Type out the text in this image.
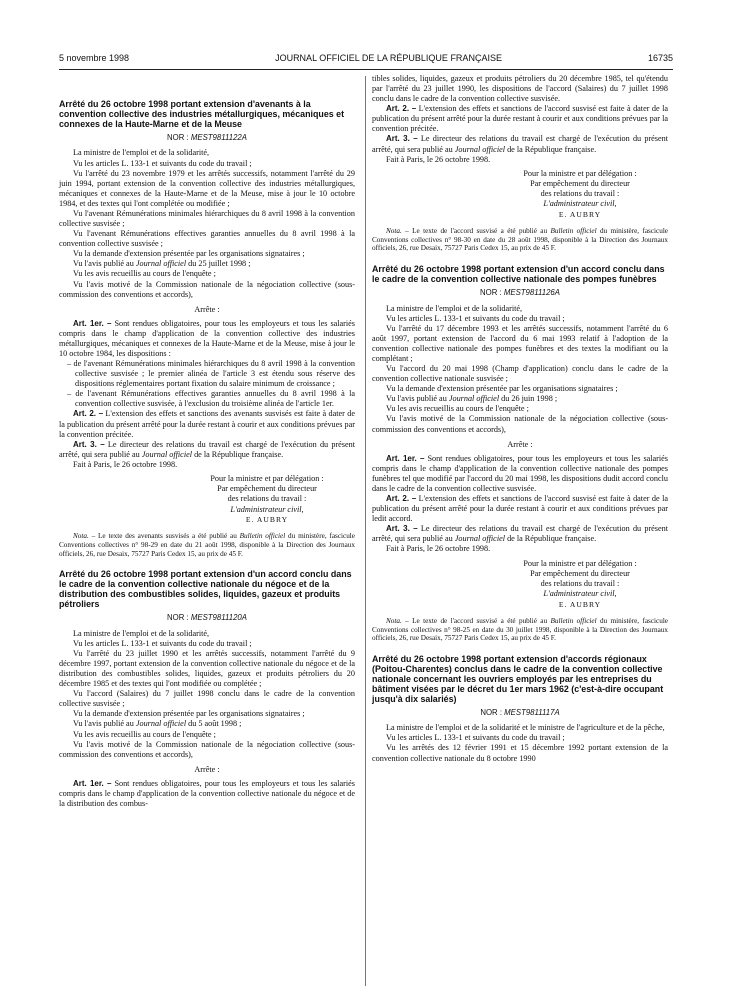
5 novembre 1998	JOURNAL OFFICIEL DE LA RÉPUBLIQUE FRANÇAISE	16735

Arrêté du 26 octobre 1998 portant extension d'avenants à la convention collective des industries métallurgiques, mécaniques et connexes de la Haute-Marne et de la Meuse

NOR : MEST9811122A

La ministre de l'emploi et de la solidarité,

Vu les articles L. 133-1 et suivants du code du travail ;

Vu l'arrêté du 23 novembre 1979 et les arrêtés successifs, notamment l'arrêté du 29 juin 1994, portant extension de la convention collective des industries métallurgiques, mécaniques et connexes de la Haute-Marne et de la Meuse, mise à jour le 10 octobre 1984, et des textes qui l'ont complétée ou modifiée ;

Vu l'avenant Rémunérations minimales hiérarchiques du 8 avril 1998 à la convention collective susvisée ;

Vu l'avenant Rémunérations effectives garanties annuelles du 8 avril 1998 à la convention collective susvisée ;

Vu la demande d'extension présentée par les organisations signataires ;

Vu l'avis publié au Journal officiel du 25 juillet 1998 ;

Vu les avis recueillis au cours de l'enquête ;

Vu l'avis motivé de la Commission nationale de la négociation collective (sous-commission des conventions et accords),

Arrête :

Art. 1er. – Sont rendues obligatoires, pour tous les employeurs et tous les salariés compris dans le champ d'application de la convention collective des industries métallurgiques, mécaniques et connexes de la Haute-Marne et de la Meuse, mise à jour le 10 octobre 1984, les dispositions :

– de l'avenant Rémunérations minimales hiérarchiques du 8 avril 1998 à la convention collective susvisée ; le premier alinéa de l'article 3 est étendu sous réserve des dispositions réglementaires portant fixation du salaire minimum de croissance ;

– de l'avenant Rémunérations effectives garanties annuelles du 8 avril 1998 à la convention collective susvisée, à l'exclusion du troisième alinéa de l'article 1er.

Art. 2. – L'extension des effets et sanctions des avenants susvisés est faite à dater de la publication du présent arrêté pour la durée restant à courir et aux conditions prévues par la convention précitée.

Art. 3. – Le directeur des relations du travail est chargé de l'exécution du présent arrêté, qui sera publié au Journal officiel de la République française.

Fait à Paris, le 26 octobre 1998.

Pour la ministre et par délégation :

Par empêchement du directeur

des relations du travail :

L'administrateur civil,

E. AUBRY

Nota. – Le texte des avenants susvisés a été publié au Bulletin officiel du ministère, fascicule Conventions collectives n° 98-29 en date du 21 août 1998, disponible à la Direction des Journaux officiels, 26, rue Desaix, 75727 Paris Cedex 15, au prix de 45 F.

Arrêté du 26 octobre 1998 portant extension d'un accord conclu dans le cadre de la convention collective nationale du négoce et de la distribution des combustibles solides, liquides, gazeux et produits pétroliers

NOR : MEST9811120A

La ministre de l'emploi et de la solidarité,

Vu les articles L. 133-1 et suivants du code du travail ;

Vu l'arrêté du 23 juillet 1990 et les arrêtés successifs, notamment l'arrêté du 9 décembre 1997, portant extension de la convention collective nationale du négoce et de la distribution des combustibles solides, liquides, gazeux et produits pétroliers du 20 décembre 1985 et des textes qui l'ont modifiée ou complétée ;

Vu l'accord (Salaires) du 7 juillet 1998 conclu dans le cadre de la convention collective susvisée ;

Vu la demande d'extension présentée par les organisations signataires ;

Vu l'avis publié au Journal officiel du 5 août 1998 ;

Vu les avis recueillis au cours de l'enquête ;

Vu l'avis motivé de la Commission nationale de la négociation collective (sous-commission des conventions et accords),

Arrête :

Art. 1er. – Sont rendues obligatoires, pour tous les employeurs et tous les salariés compris dans le champ d'application de la convention collective nationale du négoce et de la distribution des combus-

tibles solides, liquides, gazeux et produits pétroliers du 20 décembre 1985, tel qu'étendu par l'arrêté du 23 juillet 1990, les dispositions de l'accord (Salaires) du 7 juillet 1998 conclu dans le cadre de la convention collective susvisée.

Art. 2. – L'extension des effets et sanctions de l'accord susvisé est faite à dater de la publication du présent arrêté pour la durée restant à courir et aux conditions prévues par la convention précitée.

Art. 3. – Le directeur des relations du travail est chargé de l'exécution du présent arrêté, qui sera publié au Journal officiel de la République française.

Fait à Paris, le 26 octobre 1998.

Pour la ministre et par délégation :

Par empêchement du directeur

des relations du travail :

L'administrateur civil,

E. AUBRY

Nota. – Le texte de l'accord susvisé a été publié au Bulletin officiel du ministère, fascicule Conventions collectives n° 98-30 en date du 28 août 1998, disponible à la Direction des Journaux officiels, 26, rue Desaix, 75727 Paris Cedex 15, au prix de 45 F.

Arrêté du 26 octobre 1998 portant extension d'un accord conclu dans le cadre de la convention collective nationale des pompes funèbres

NOR : MEST9811126A

La ministre de l'emploi et de la solidarité,

Vu les articles L. 133-1 et suivants du code du travail ;

Vu l'arrêté du 17 décembre 1993 et les arrêtés successifs, notamment l'arrêté du 6 août 1997, portant extension de l'accord du 6 mai 1993 relatif à l'adoption de la convention collective nationale des pompes funèbres et des textes la modifiant ou la complétant ;

Vu l'accord du 20 mai 1998 (Champ d'application) conclu dans le cadre de la convention collective nationale susvisée ;

Vu la demande d'extension présentée par les organisations signataires ;

Vu l'avis publié au Journal officiel du 26 juin 1998 ;

Vu les avis recueillis au cours de l'enquête ;

Vu l'avis motivé de la Commission nationale de la négociation collective (sous-commission des conventions et accords),

Arrête :

Art. 1er. – Sont rendues obligatoires, pour tous les employeurs et tous les salariés compris dans le champ d'application de la convention collective nationale des pompes funèbres tel que modifié par l'accord du 20 mai 1998, les dispositions dudit accord conclu dans le cadre de la convention collective susvisée.

Art. 2. – L'extension des effets et sanctions de l'accord susvisé est faite à dater de la publication du présent arrêté pour la durée restant à courir et aux conditions prévues par ledit accord.

Art. 3. – Le directeur des relations du travail est chargé de l'exécution du présent arrêté, qui sera publié au Journal officiel de la République française.

Fait à Paris, le 26 octobre 1998.

Pour la ministre et par délégation :

Par empêchement du directeur

des relations du travail :

L'administrateur civil,

E. AUBRY

Nota. – Le texte de l'accord susvisé a été publié au Bulletin officiel du ministère, fascicule Conventions collectives n° 98-25 en date du 30 juillet 1998, disponible à la Direction des Journaux officiels, 26, rue Desaix, 75727 Paris Cedex 15, au prix de 45 F.

Arrêté du 26 octobre 1998 portant extension d'accords régionaux (Poitou-Charentes) conclus dans le cadre de la convention collective nationale concernant les ouvriers employés par les entreprises du bâtiment visées par le décret du 1er mars 1962 (c'est-à-dire occupant jusqu'à dix salariés)

NOR : MEST9811117A

La ministre de l'emploi et de la solidarité et le ministre de l'agriculture et de la pêche,

Vu les articles L. 133-1 et suivants du code du travail ;

Vu les arrêtés des 12 février 1991 et 15 décembre 1992 portant extension de la convention collective nationale du 8 octobre 1990
